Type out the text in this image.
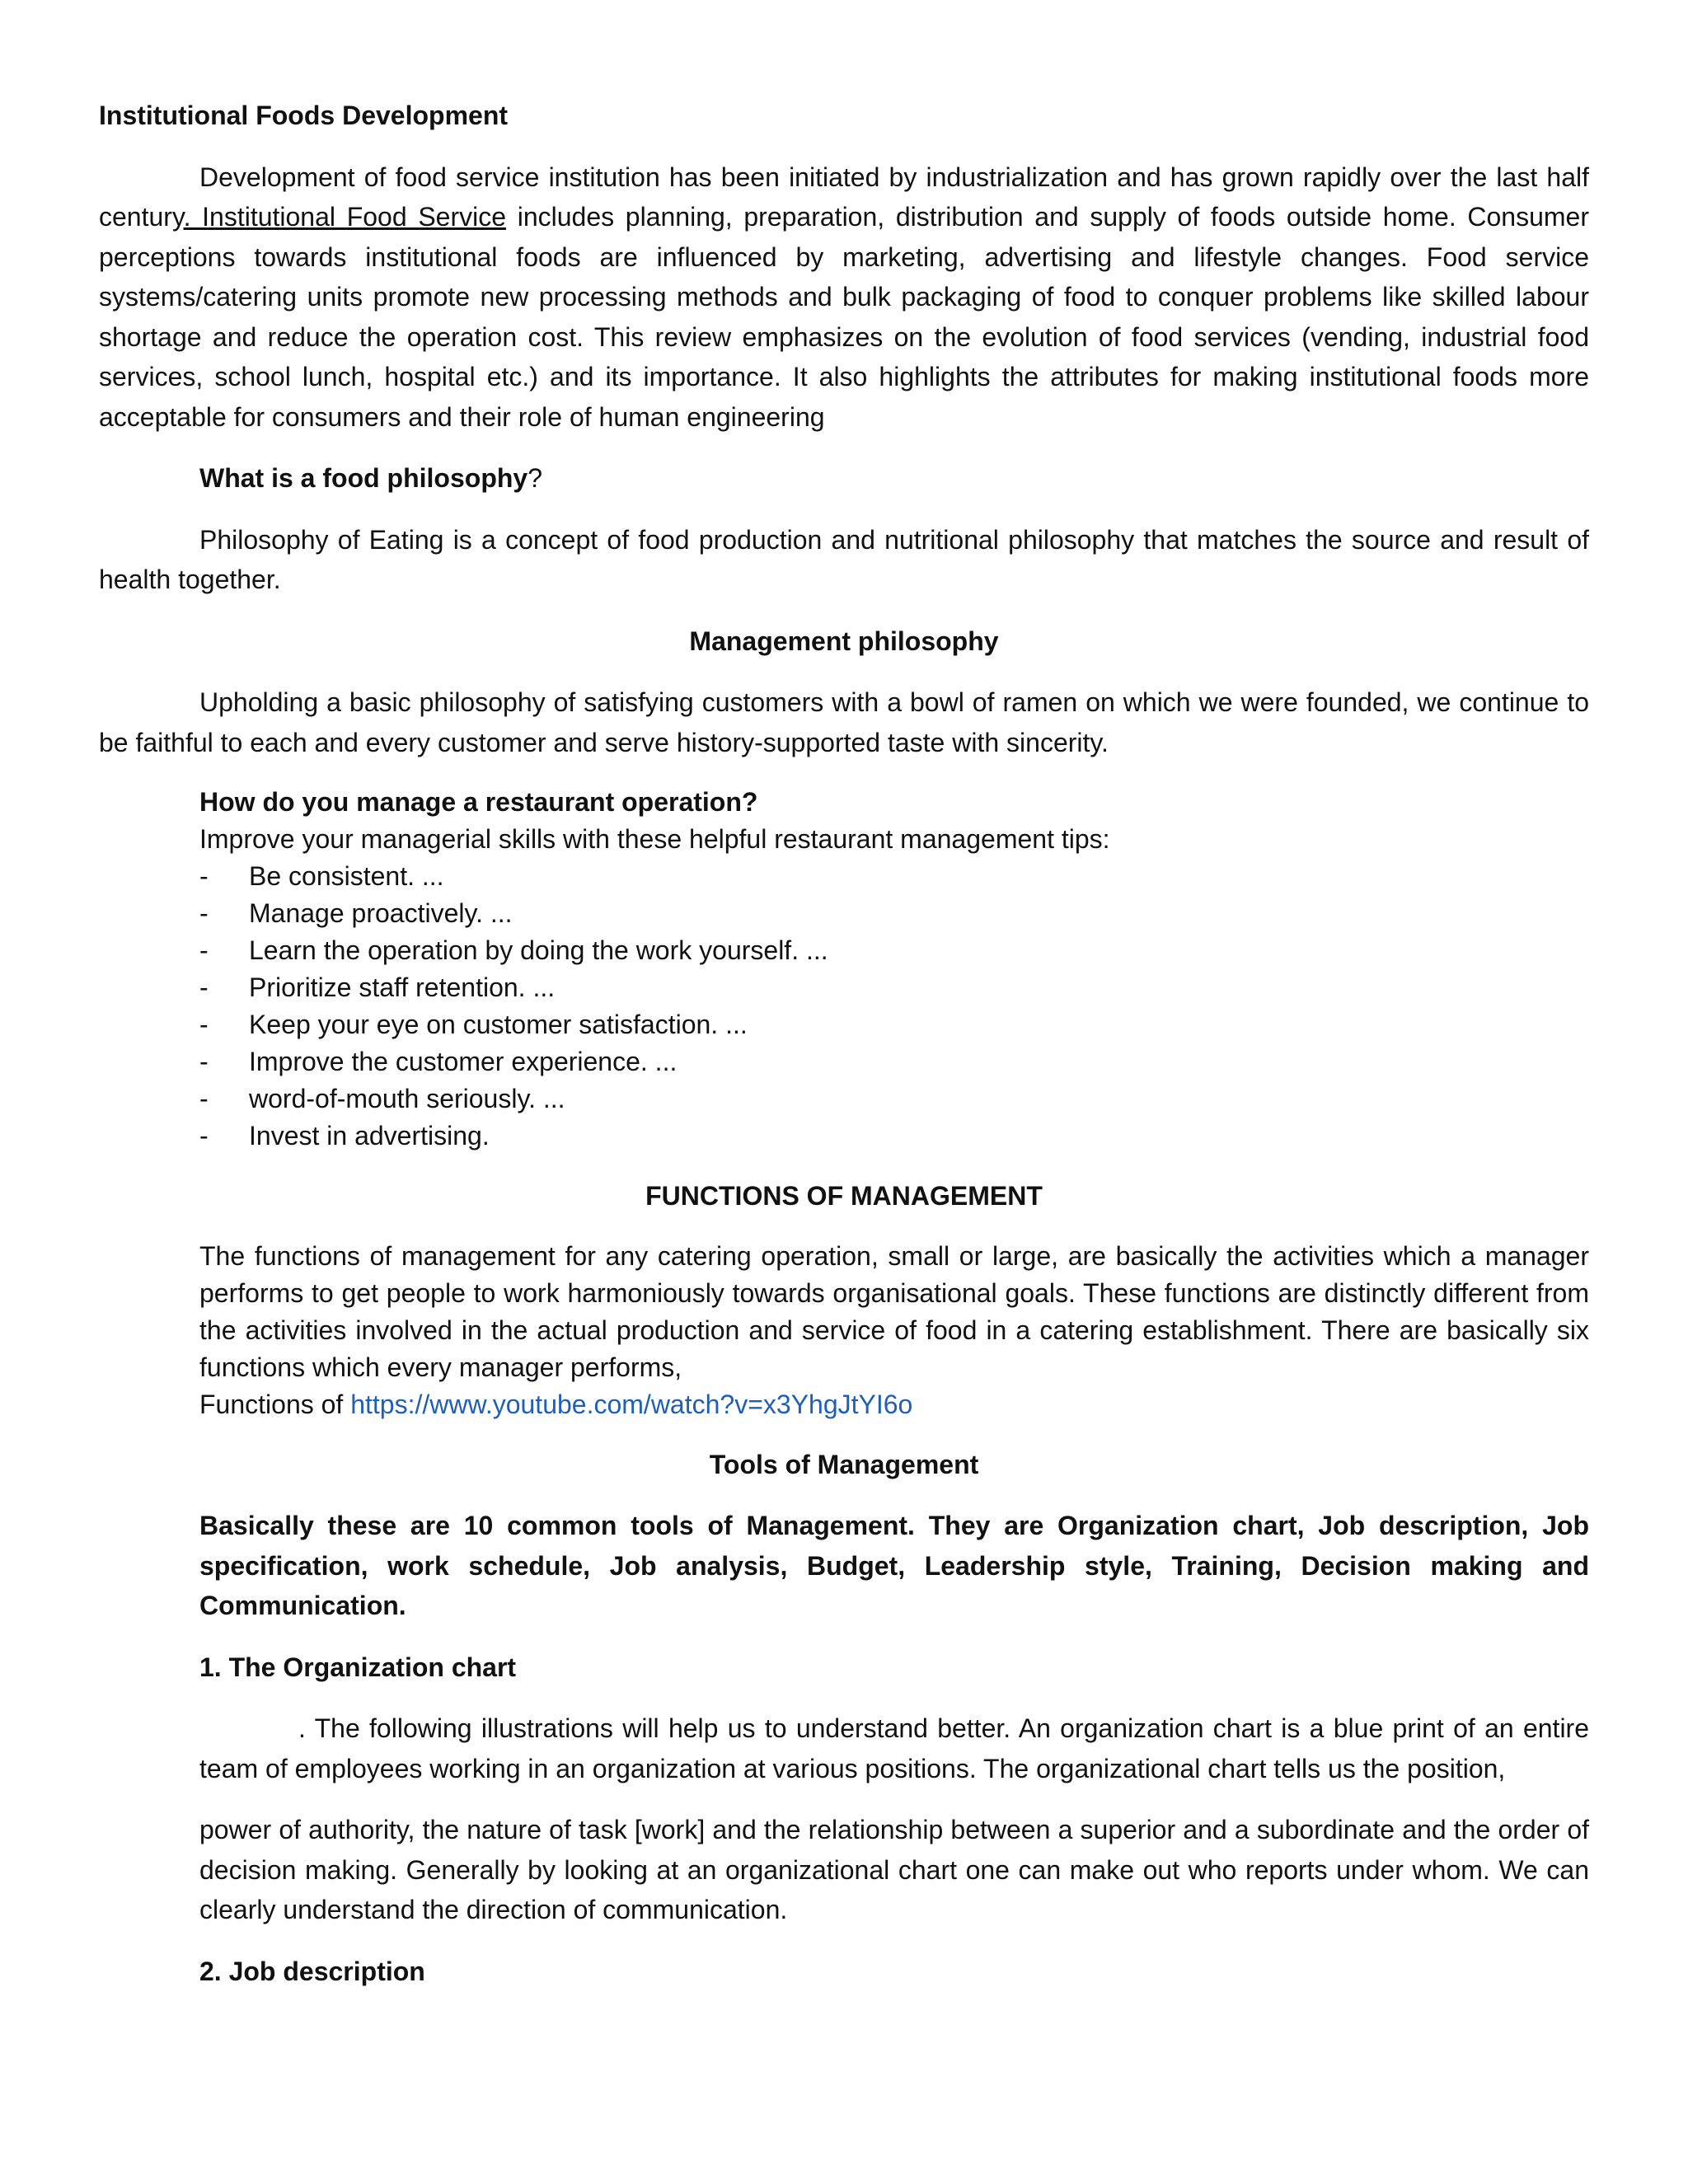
Institutional Foods Development

Development of food service institution has been initiated by industrialization and has grown rapidly over the last half century. Institutional Food Service includes planning, preparation, distribution and supply of foods outside home. Consumer perceptions towards institutional foods are influenced by marketing, advertising and lifestyle changes. Food service systems/catering units promote new processing methods and bulk packaging of food to conquer problems like skilled labour shortage and reduce the operation cost. This review emphasizes on the evolution of food services (vending, industrial food services, school lunch, hospital etc.) and its importance. It also highlights the attributes for making institutional foods more acceptable for consumers and their role of human engineering

What is a food philosophy?

Philosophy of Eating is a concept of food production and nutritional philosophy that matches the source and result of health together.

Management philosophy

Upholding a basic philosophy of satisfying customers with a bowl of ramen on which we were founded, we continue to be faithful to each and every customer and serve history-supported taste with sincerity.

How do you manage a restaurant operation?

Improve your managerial skills with these helpful restaurant management tips:

- Be consistent. ...
- Manage proactively. ...
- Learn the operation by doing the work yourself. ...
- Prioritize staff retention. ...
- Keep your eye on customer satisfaction. ...
- Improve the customer experience. ...
- word-of-mouth seriously. ...
- Invest in advertising.

FUNCTIONS OF MANAGEMENT

The functions of management for any catering operation, small or large, are basically the activities which a manager performs to get people to work harmoniously towards organisational goals. These functions are distinctly different from the activities involved in the actual production and service of food in a catering establishment. There are basically six functions which every manager performs,

Functions of https://www.youtube.com/watch?v=x3YhgJtYI6o

Tools of Management

Basically these are 10 common tools of Management. They are Organization chart, Job description, Job specification, work schedule, Job analysis, Budget, Leadership style, Training, Decision making and Communication.

1. The Organization chart

. The following illustrations will help us to understand better. An organization chart is a blue print of an entire team of employees working in an organization at various positions. The organizational chart tells us the position,

power of authority, the nature of task [work] and the relationship between a superior and a subordinate and the order of decision making. Generally by looking at an organizational chart one can make out who reports under whom. We can clearly understand the direction of communication.

2. Job description
